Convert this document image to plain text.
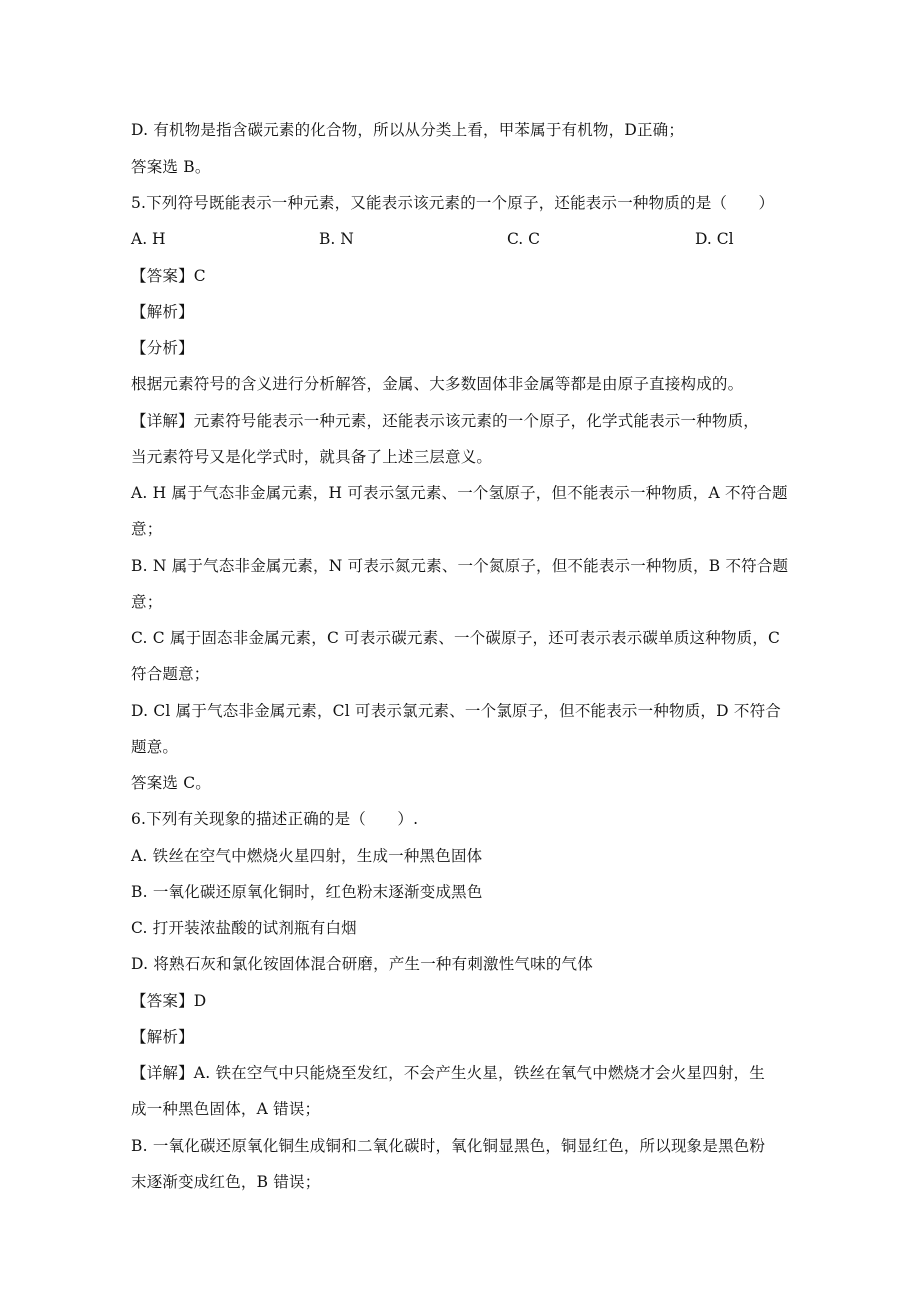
D. 有机物是指含碳元素的化合物，所以从分类上看，甲苯属于有机物，D正确；
答案选 B。
5.下列符号既能表示一种元素，又能表示该元素的一个原子，还能表示一种物质的是（　　）
A. H	B. N	C. C	D. Cl
【答案】C
【解析】
【分析】
根据元素符号的含义进行分析解答，金属、大多数固体非金属等都是由原子直接构成的。
【详解】元素符号能表示一种元素，还能表示该元素的一个原子，化学式能表示一种物质，
当元素符号又是化学式时，就具备了上述三层意义。
A. H 属于气态非金属元素，H 可表示氢元素、一个氢原子，但不能表示一种物质，A 不符合题
意；
B. N 属于气态非金属元素，N 可表示氮元素、一个氮原子，但不能表示一种物质，B 不符合题
意；
C. C 属于固态非金属元素，C 可表示碳元素、一个碳原子，还可表示表示碳单质这种物质，C
符合题意；
D. Cl 属于气态非金属元素，Cl 可表示氯元素、一个氯原子，但不能表示一种物质，D 不符合
题意。
答案选 C。
6.下列有关现象的描述正确的是（　　）.
A. 铁丝在空气中燃烧火星四射，生成一种黑色固体
B. 一氧化碳还原氧化铜时，红色粉末逐渐变成黑色
C. 打开装浓盐酸的试剂瓶有白烟
D. 将熟石灰和氯化铵固体混合研磨，产生一种有刺激性气味的气体
【答案】D
【解析】
【详解】A. 铁在空气中只能烧至发红，不会产生火星，铁丝在氧气中燃烧才会火星四射，生
成一种黑色固体，A 错误；
B. 一氧化碳还原氧化铜生成铜和二氧化碳时，氧化铜显黑色，铜显红色，所以现象是黑色粉
末逐渐变成红色，B 错误；
